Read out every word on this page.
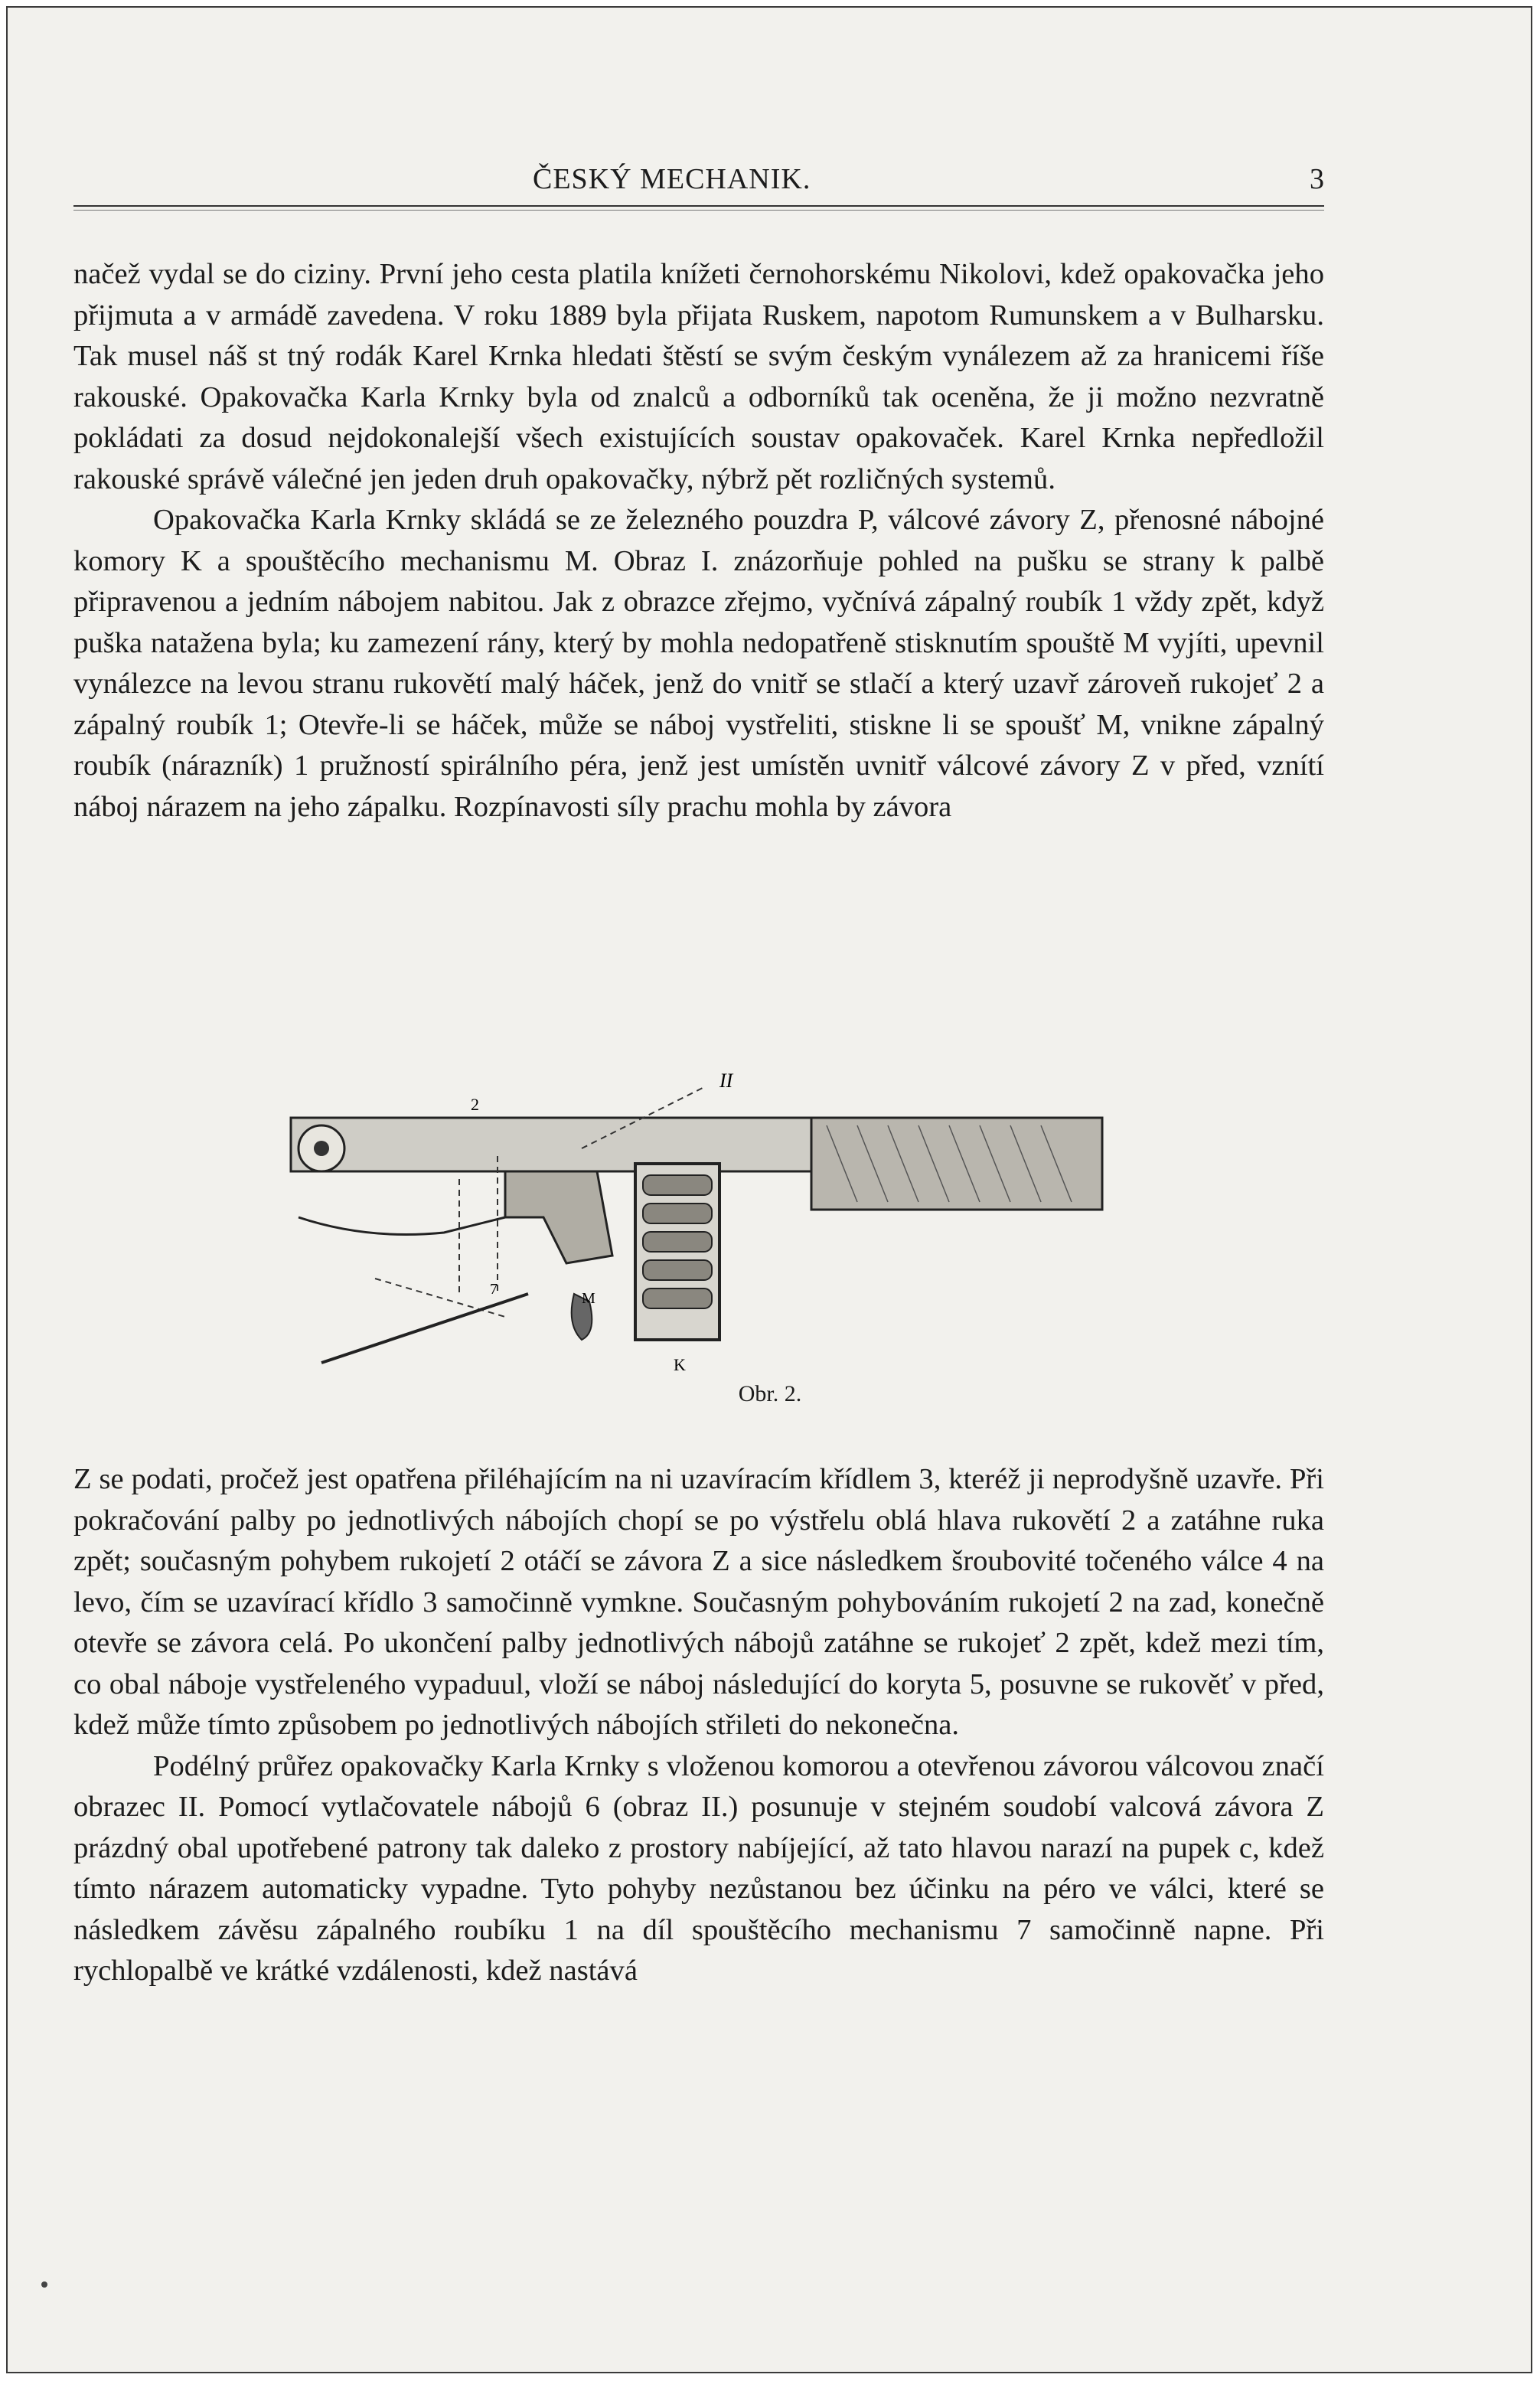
ČESKÝ MECHANIK.	3

načež vydal se do ciziny. První jeho cesta platila knížeti černohorskému Nikolovi, kdež opakovačka jeho přijmuta a v armádě zavedena. V roku 1889 byla přijata Ruskem, napotom Rumunskem a v Bulharsku. Tak musel náš st tný rodák Karel Krnka hledati štěstí se svým českým vynálezem až za hranicemi říše rakouské. Opakovačka Karla Krnky byla od znalců a odborníků tak oceněna, že ji možno nezvratně pokládati za dosud nejdokonalejší všech existujících soustav opakovaček. Karel Krnka nepředložil rakouské správě válečné jen jeden druh opakovačky, nýbrž pět rozličných systemů.

Opakovačka Karla Krnky skládá se ze železného pouzdra P, válcové závory Z, přenosné nábojné komory K a spouštěcího mechanismu M. Obraz I. znázorňuje pohled na pušku se strany k palbě připravenou a jedním nábojem nabitou. Jak z obrazce zřejmo, vyčnívá zápalný roubík 1 vždy zpět, když puška natažena byla; ku zamezení rány, který by mohla nedopatřeně stisknutím spouště M vyjíti, upevnil vynálezce na levou stranu rukovětí malý háček, jenž do vnitř se stlačí a který uzavř zároveň rukojeť 2 a zápalný roubík 1; Otevře-li se háček, může se náboj vystřeliti, stiskne li se spoušť M, vnikne zápalný roubík (nárazník) 1 pružností spirálního péra, jenž jest umístěn uvnitř válcové závory Z v před, vznítí náboj nárazem na jeho zápalku. Rozpínavosti síly prachu mohla by závora

II
M
K
7
2
Obr. 2.

Z se podati, pročež jest opatřena přiléhajícím na ni uzavíracím křídlem 3, kteréž ji neprodyšně uzavře. Při pokračování palby po jednotlivých nábojích chopí se po výstřelu oblá hlava rukovětí 2 a zatáhne ruka zpět; současným pohybem rukojetí 2 otáčí se závora Z a sice následkem šroubovité točeného válce 4 na levo, čím se uzavírací křídlo 3 samočinně vymkne. Současným pohybováním rukojetí 2 na zad, konečně otevře se závora celá. Po ukončení palby jednotlivých nábojů zatáhne se rukojeť 2 zpět, kdež mezi tím, co obal náboje vystřeleného vypaduul, vloží se náboj následující do koryta 5, posuvne se rukověť v před, kdež může tímto způsobem po jednotlivých nábojích střileti do nekonečna.

Podélný průřez opakovačky Karla Krnky s vloženou komorou a otevřenou závorou válcovou značí obrazec II. Pomocí vytlačovatele nábojů 6 (obraz II.) posunuje v stejném soudobí valcová závora Z prázdný obal upotřebené patrony tak daleko z prostory nabíjející, až tato hlavou narazí na pupek c, kdež tímto nárazem automaticky vypadne. Tyto pohyby nezůstanou bez účinku na péro ve válci, které se následkem závěsu zápalného roubíku 1 na díl spouštěcího mechanismu 7 samočinně napne. Při rychlopalbě ve krátké vzdálenosti, kdež nastává
